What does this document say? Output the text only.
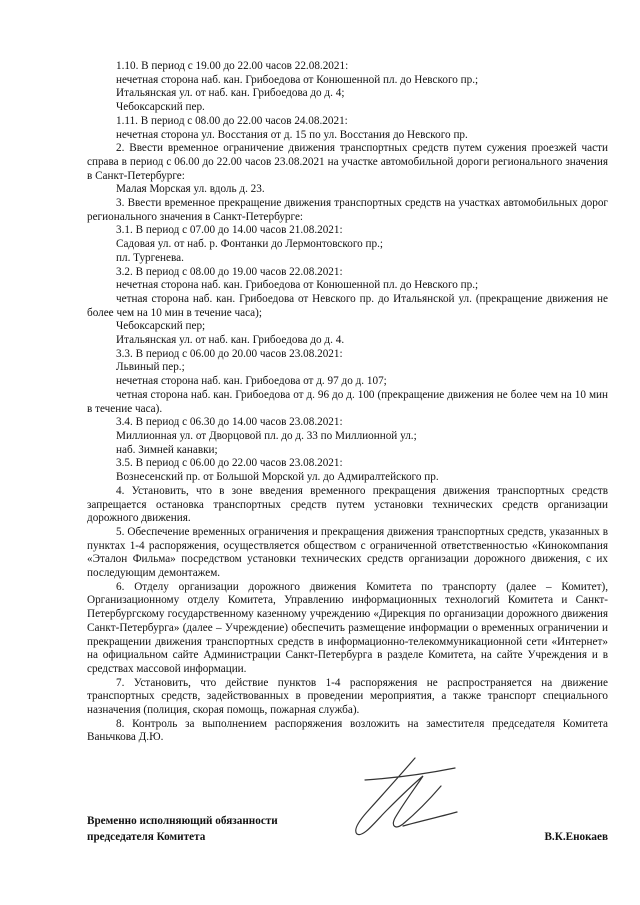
1.10. В период с 19.00 до 22.00 часов 22.08.2021:

нечетная сторона наб. кан. Грибоедова от Конюшенной пл. до Невского пр.;

Итальянская ул. от наб. кан. Грибоедова до д. 4;

Чебоксарский пер.

1.11. В период с 08.00 до 22.00 часов 24.08.2021:

нечетная сторона ул. Восстания от д. 15 по ул. Восстания до Невского пр.

2. Ввести временное ограничение движения транспортных средств путем сужения проезжей части справа в период с 06.00 до 22.00 часов 23.08.2021 на участке автомобильной дороги регионального значения в Санкт-Петербурге:

Малая Морская ул. вдоль д. 23.

3. Ввести временное прекращение движения транспортных средств на участках автомобильных дорог регионального значения в Санкт-Петербурге:

3.1. В период с 07.00 до 14.00 часов 21.08.2021:

Садовая ул. от наб. р. Фонтанки до Лермонтовского пр.;

пл. Тургенева.

3.2. В период с 08.00 до 19.00 часов 22.08.2021:

нечетная сторона наб. кан. Грибоедова от Конюшенной пл. до Невского пр.;

четная сторона наб. кан. Грибоедова от Невского пр. до Итальянской ул. (прекращение движения не более чем на 10 мин в течение часа);

Чебоксарский пер;

Итальянская ул. от наб. кан. Грибоедова до д. 4.

3.3. В период с 06.00 до 20.00 часов 23.08.2021:

Львиный пер.;

нечетная сторона наб. кан. Грибоедова от д. 97 до д. 107;

четная сторона наб. кан. Грибоедова от д. 96 до д. 100 (прекращение движения не более чем на 10 мин в течение часа).

3.4. В период с 06.30 до 14.00 часов 23.08.2021:

Миллионная ул. от Дворцовой пл. до д. 33 по Миллионной ул.;

наб. Зимней канавки;

3.5. В период с 06.00 до 22.00 часов 23.08.2021:

Вознесенский пр. от Большой Морской ул. до Адмиралтейского пр.

4. Установить, что в зоне введения временного прекращения движения транспортных средств запрещается остановка транспортных средств путем установки технических средств организации дорожного движения.

5. Обеспечение временных ограничения и прекращения движения транспортных средств, указанных в пунктах 1-4 распоряжения, осуществляется обществом с ограниченной ответственностью «Кинокомпания «Эталон Фильма» посредством установки технических средств организации дорожного движения, с их последующим демонтажем.

6. Отделу организации дорожного движения Комитета по транспорту (далее – Комитет), Организационному отделу Комитета, Управлению информационных технологий Комитета и Санкт-Петербургскому государственному казенному учреждению «Дирекция по организации дорожного движения Санкт-Петербурга» (далее – Учреждение) обеспечить размещение информации о временных ограничении и прекращении движения транспортных средств в информационно-телекоммуникационной сети «Интернет» на официальном сайте Администрации Санкт-Петербурга в разделе Комитета, на сайте Учреждения и в средствах массовой информации.

7. Установить, что действие пунктов 1-4 распоряжения не распространяется на движение транспортных средств, задействованных в проведении мероприятия, а также транспорт специального назначения (полиция, скорая помощь, пожарная служба).

8. Контроль за выполнением распоряжения возложить на заместителя председателя Комитета Ваньчкова Д.Ю.

Временно исполняющий обязанности
председателя Комитета	В.К.Енокаев
